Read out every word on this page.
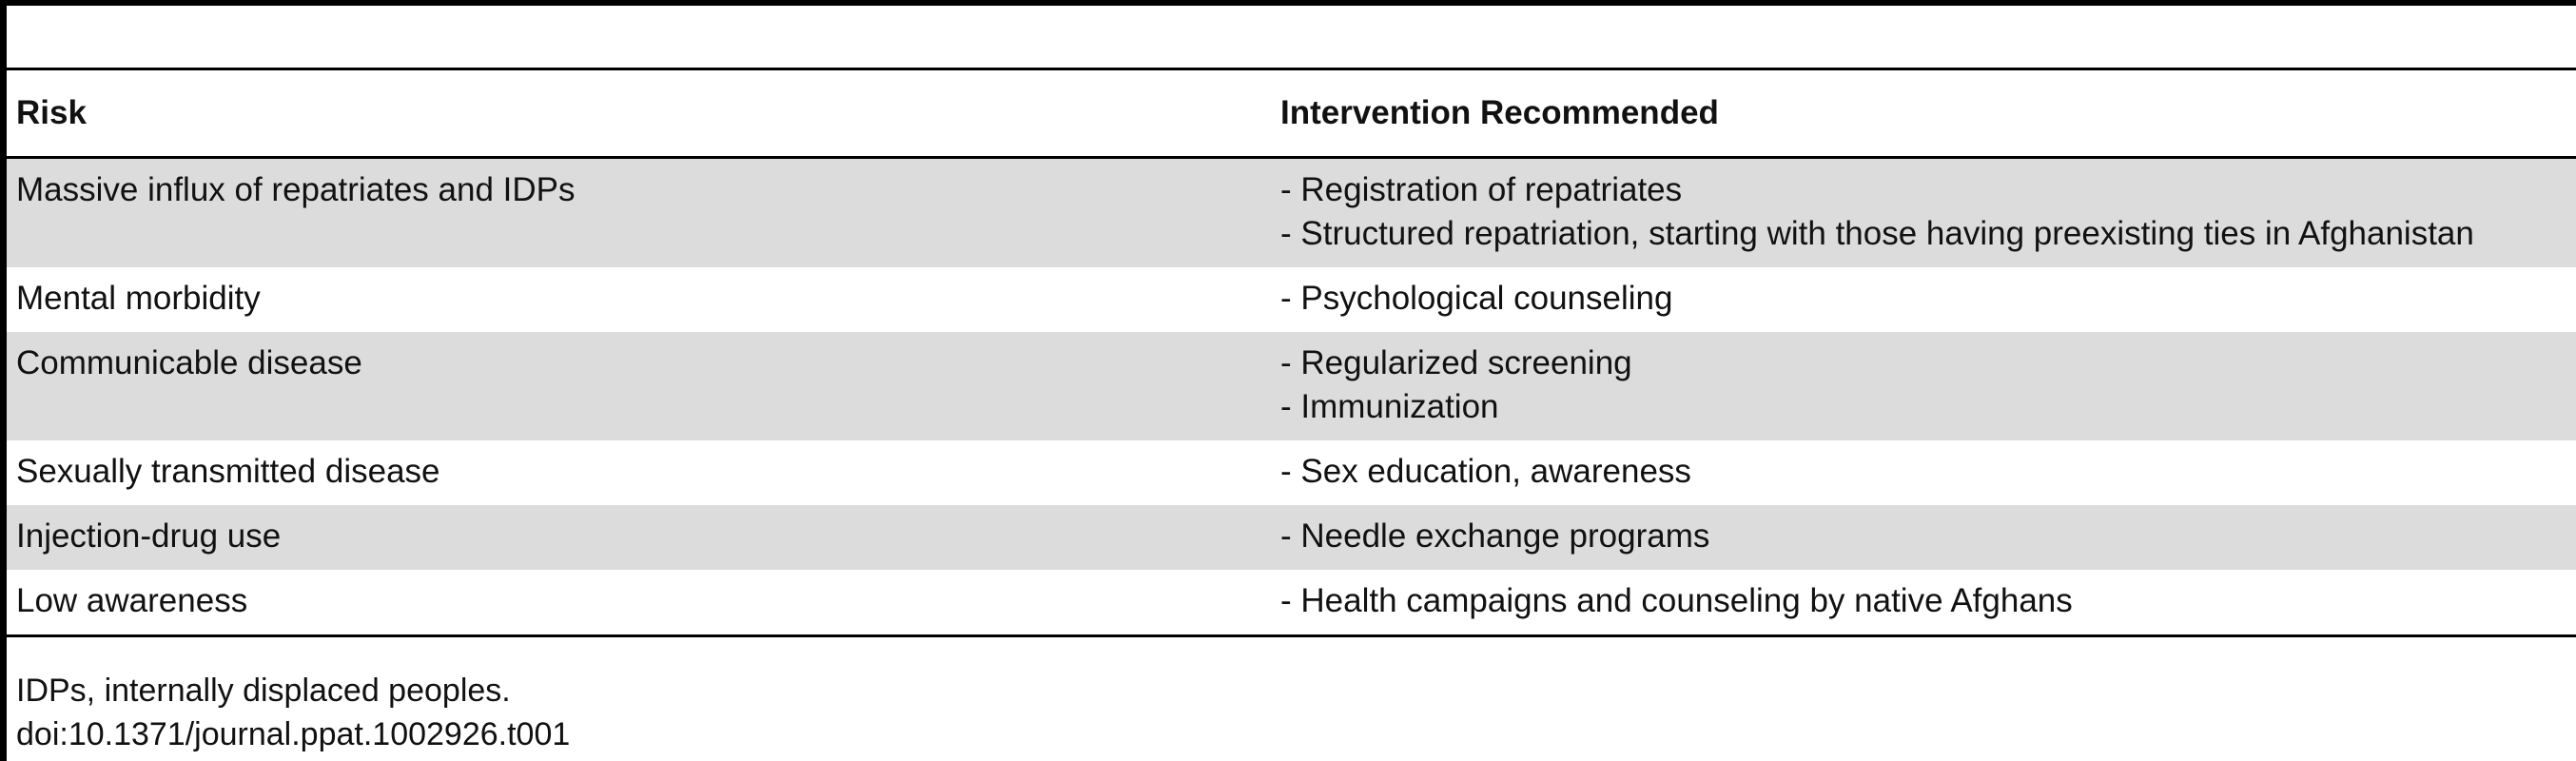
Risk	Intervention Recommended
Massive influx of repatriates and IDPs	- Registration of repatriates
- Structured repatriation, starting with those having preexisting ties in Afghanistan

Mental morbidity	- Psychological counseling

Communicable disease	- Regularized screening
- Immunization

Sexually transmitted disease	- Sex education, awareness

Injection-drug use	- Needle exchange programs

Low awareness	- Health campaigns and counseling by native Afghans
IDPs, internally displaced peoples.
doi:10.1371/journal.ppat.1002926.t001
